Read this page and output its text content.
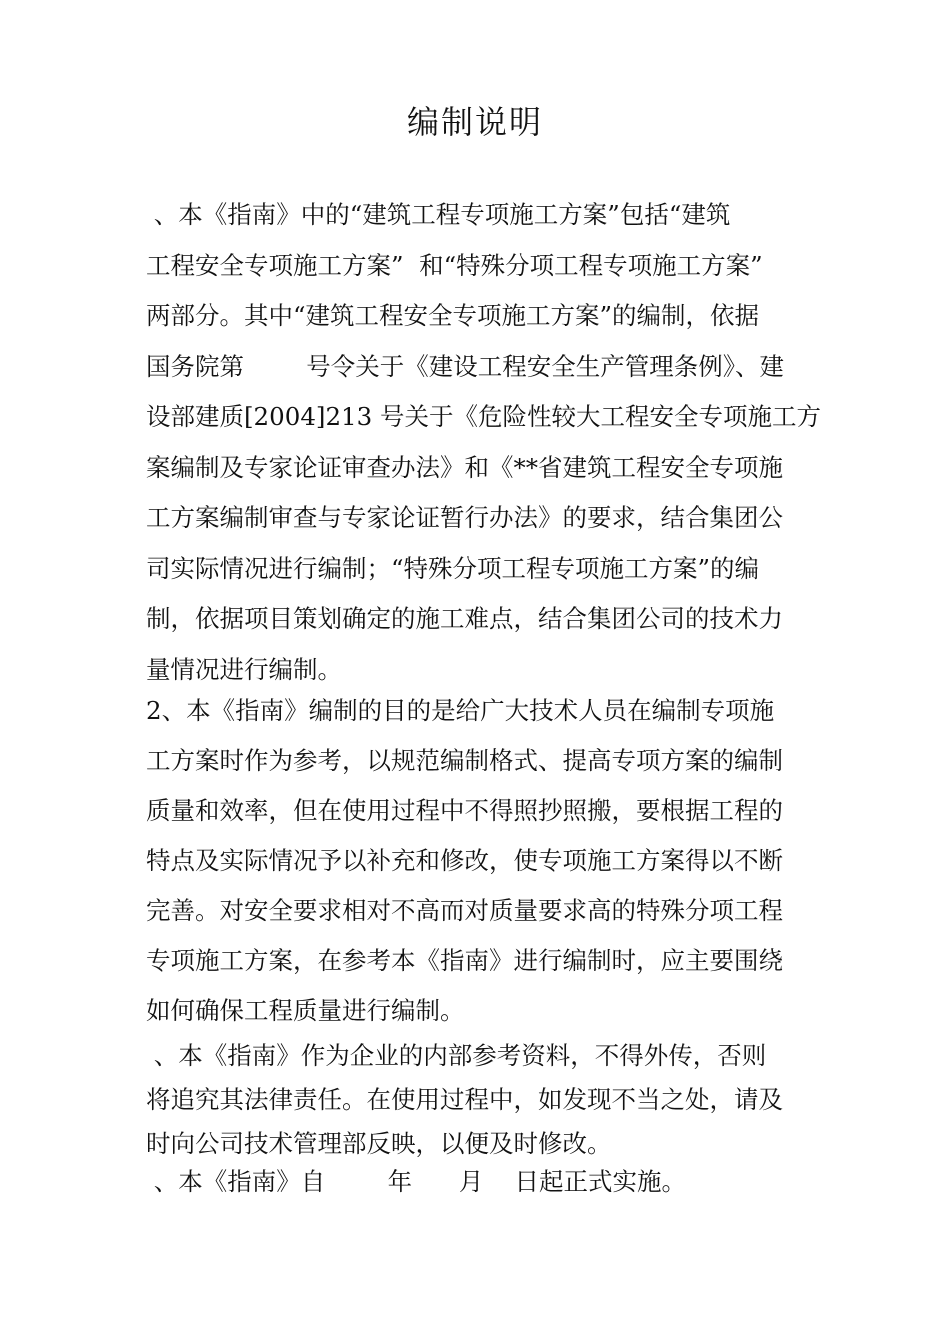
编制说明
、本《指南》中的“建筑工程专项施工方案”包括“建筑
工程安全专项施工方案”  和“特殊分项工程专项施工方案”
两部分。其中“建筑工程安全专项施工方案”的编制，依据
国务院第        号令关于《建设工程安全生产管理条例》、建
设部建质[2004]213 号关于《危险性较大工程安全专项施工方
案编制及专家论证审查办法》和《**省建筑工程安全专项施
工方案编制审查与专家论证暂行办法》的要求，结合集团公
司实际情况进行编制；“特殊分项工程专项施工方案”的编
制，依据项目策划确定的施工难点，结合集团公司的技术力
量情况进行编制。
2、本《指南》编制的目的是给广大技术人员在编制专项施
工方案时作为参考，以规范编制格式、提高专项方案的编制
质量和效率，但在使用过程中不得照抄照搬，要根据工程的
特点及实际情况予以补充和修改，使专项施工方案得以不断
完善。对安全要求相对不高而对质量要求高的特殊分项工程
专项施工方案，在参考本《指南》进行编制时，应主要围绕
如何确保工程质量进行编制。
、本《指南》作为企业的内部参考资料，不得外传，否则
将追究其法律责任。在使用过程中，如发现不当之处，请及
时向公司技术管理部反映，以便及时修改。
、本《指南》自        年      月    日起正式实施。
